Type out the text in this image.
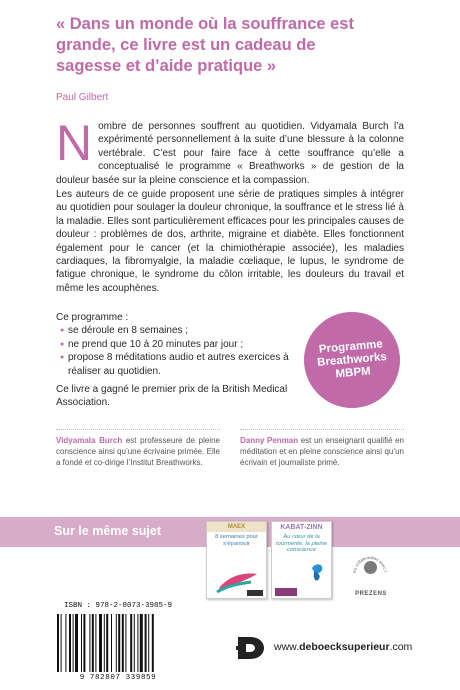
« Dans un monde où la souffrance est grande, ce livre est un cadeau de sagesse et d’aide pratique »
Paul Gilbert
Nombre de personnes souffrent au quotidien. Vidyamala Burch l’a expérimenté personnellement à la suite d’une blessure à la colonne vertébrale. C’est pour faire face à cette souffrance qu’elle a conceptualisé le programme « Breathworks » de gestion de la douleur basée sur la pleine conscience et la compassion.
Les auteurs de ce guide proposent une série de pratiques simples à intégrer au quotidien pour soulager la douleur chronique, la souffrance et le stress lié à la maladie. Elles sont particulièrement efficaces pour les principales causes de douleur : problèmes de dos, arthrite, migraine et diabète. Elles fonctionnent également pour le cancer (et la chimiothérapie associée), les maladies cardiaques, la fibromyalgie, la maladie cœliaque, le lupus, le syndrome de fatigue chronique, le syndrome du côlon irritable, les douleurs du travail et même les acouphènes.
Ce programme :
● se déroule en 8 semaines ;
● ne prend que 10 à 20 minutes par jour ;
● propose 8 méditations audio et autres exercices à réaliser au quotidien.
Ce livre a gagné le premier prix de la British Medical Association.
Programme
Breathworks
MBPM
Vidyamala Burch est professeure de pleine conscience ainsi qu’une écrivaine primée. Elle a fondé et co-dirige l’Institut Breathworks.
Danny Penman est un enseignant qualifié en méditation et en pleine conscience ainsi qu’un écrivain et journaliste primé.
Sur le même sujet	MAEX
8 semaines pour s’épanouir
KABAT-ZINN
Au cœur de la tourmente, la pleine conscience
En collaboration avec l’
PREZENS
ISBN : 978-2-8073-3985-9
9 782807 339859
www.deboecksuperieur.com
